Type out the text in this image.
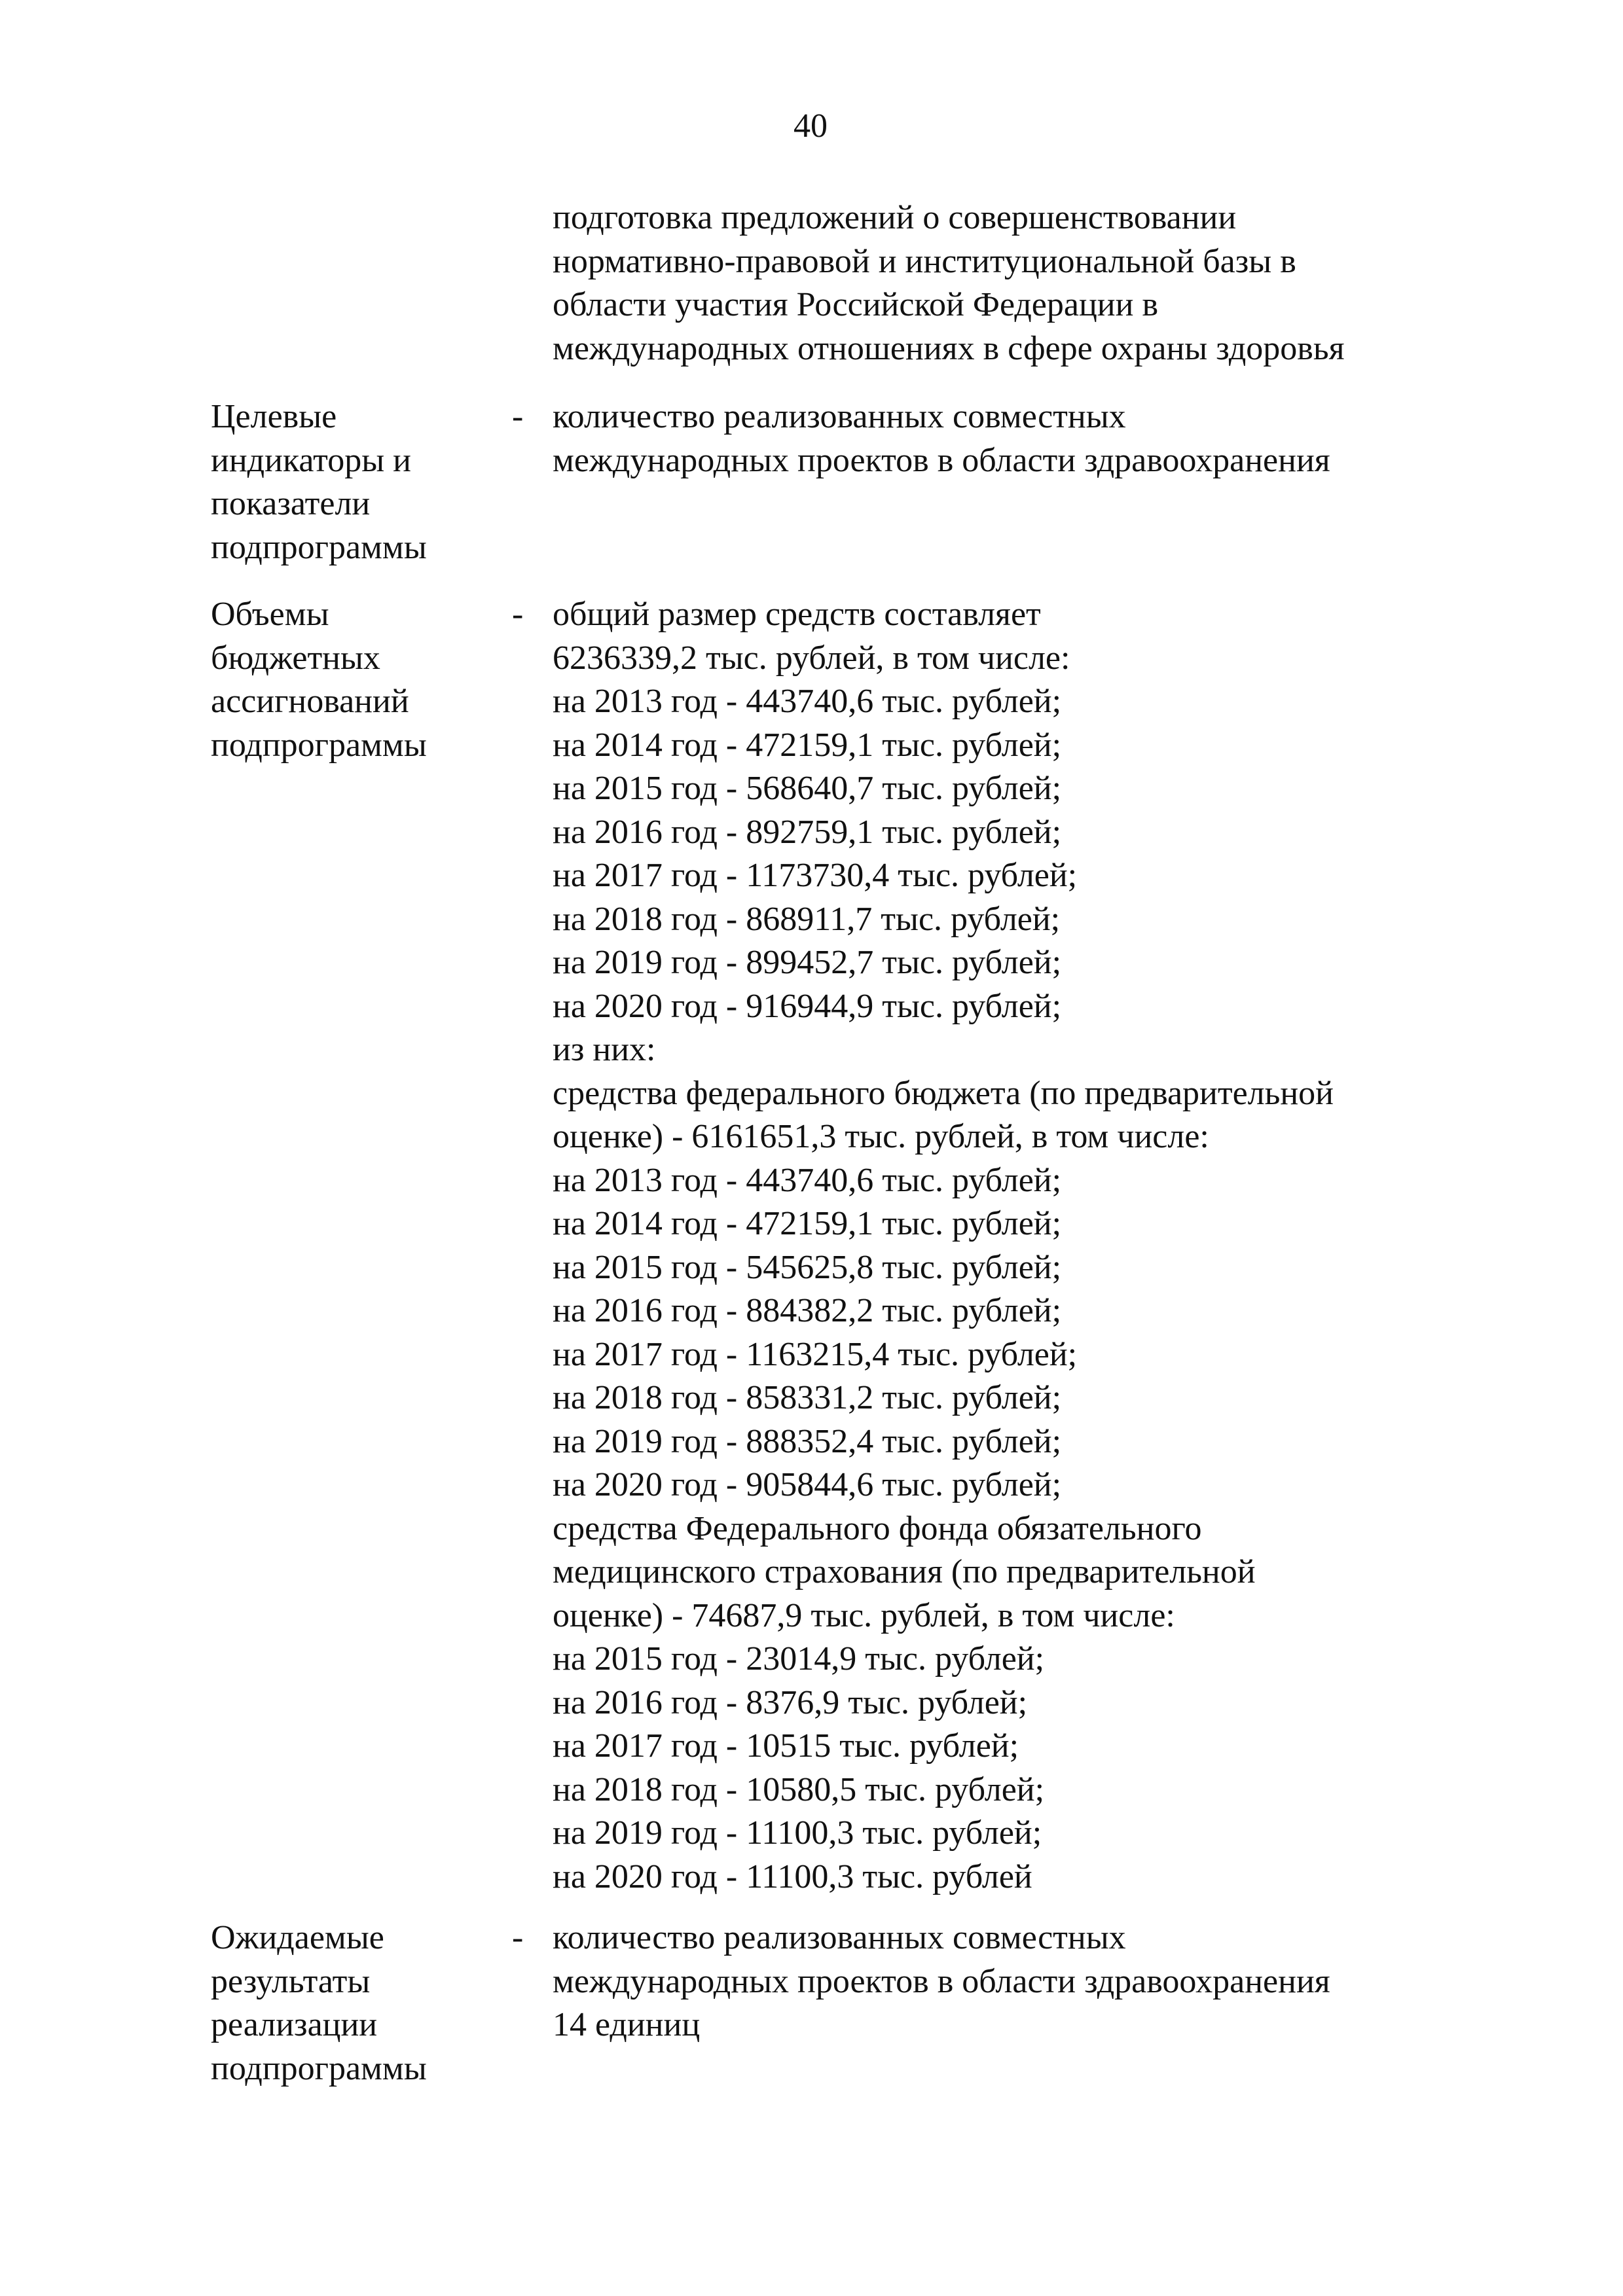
40
подготовка предложений о совершенствовании
нормативно-правовой и институциональной базы в
области участия Российской Федерации в
международных отношениях в сфере охраны здоровья
Целевые
индикаторы и
показатели
подпрограммы
- количество реализованных совместных
международных проектов в области здравоохранения
Объемы
бюджетных
ассигнований
подпрограммы
- общий размер средств составляет
6236339,2 тыс. рублей, в том числе:
на 2013 год - 443740,6 тыс. рублей;
на 2014 год - 472159,1 тыс. рублей;
на 2015 год - 568640,7 тыс. рублей;
на 2016 год - 892759,1 тыс. рублей;
на 2017 год - 1173730,4 тыс. рублей;
на 2018 год - 868911,7 тыс. рублей;
на 2019 год - 899452,7 тыс. рублей;
на 2020 год - 916944,9 тыс. рублей;
из них:
средства федерального бюджета (по предварительной
оценке) - 6161651,3 тыс. рублей, в том числе:
на 2013 год - 443740,6 тыс. рублей;
на 2014 год - 472159,1 тыс. рублей;
на 2015 год - 545625,8 тыс. рублей;
на 2016 год - 884382,2 тыс. рублей;
на 2017 год - 1163215,4 тыс. рублей;
на 2018 год - 858331,2 тыс. рублей;
на 2019 год - 888352,4 тыс. рублей;
на 2020 год - 905844,6 тыс. рублей;
средства Федерального фонда обязательного
медицинского страхования (по предварительной
оценке) - 74687,9 тыс. рублей, в том числе:
на 2015 год - 23014,9 тыс. рублей;
на 2016 год - 8376,9 тыс. рублей;
на 2017 год - 10515 тыс. рублей;
на 2018 год - 10580,5 тыс. рублей;
на 2019 год - 11100,3 тыс. рублей;
на 2020 год - 11100,3 тыс. рублей
Ожидаемые
результаты
реализации
подпрограммы
- количество реализованных совместных
международных проектов в области здравоохранения
14 единиц
